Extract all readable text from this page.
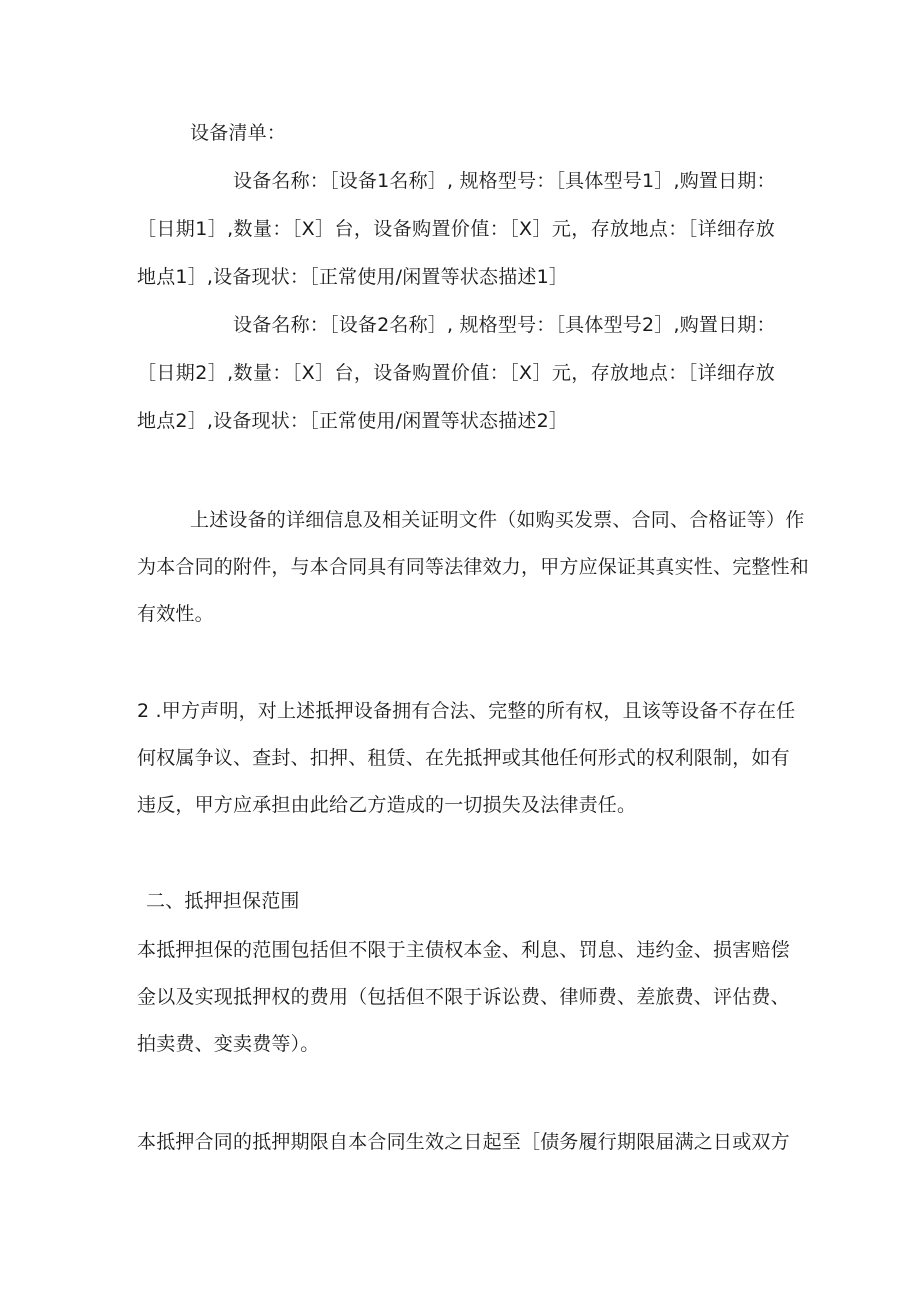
设备清单：
设备名称：［设备1名称］, 规格型号：［具体型号1］,购置日期：
［日期1］,数量：［X］台，设备购置价值：［X］元，存放地点：［详细存放
地点1］,设备现状：［正常使用/闲置等状态描述1］
设备名称：［设备2名称］, 规格型号：［具体型号2］,购置日期：
［日期2］,数量：［X］台，设备购置价值：［X］元，存放地点：［详细存放
地点2］,设备现状：［正常使用/闲置等状态描述2］
上述设备的详细信息及相关证明文件（如购买发票、合同、合格证等）作
为本合同的附件，与本合同具有同等法律效力，甲方应保证其真实性、完整性和
有效性。
2 .甲方声明，对上述抵押设备拥有合法、完整的所有权，且该等设备不存在任
何权属争议、查封、扣押、租赁、在先抵押或其他任何形式的权利限制，如有
违反，甲方应承担由此给乙方造成的一切损失及法律责任。
二、抵押担保范围
本抵押担保的范围包括但不限于主债权本金、利息、罚息、违约金、损害赔偿
金以及实现抵押权的费用（包括但不限于诉讼费、律师费、差旅费、评估费、
拍卖费、变卖费等）。
本抵押合同的抵押期限自本合同生效之日起至［债务履行期限届满之日或双方
